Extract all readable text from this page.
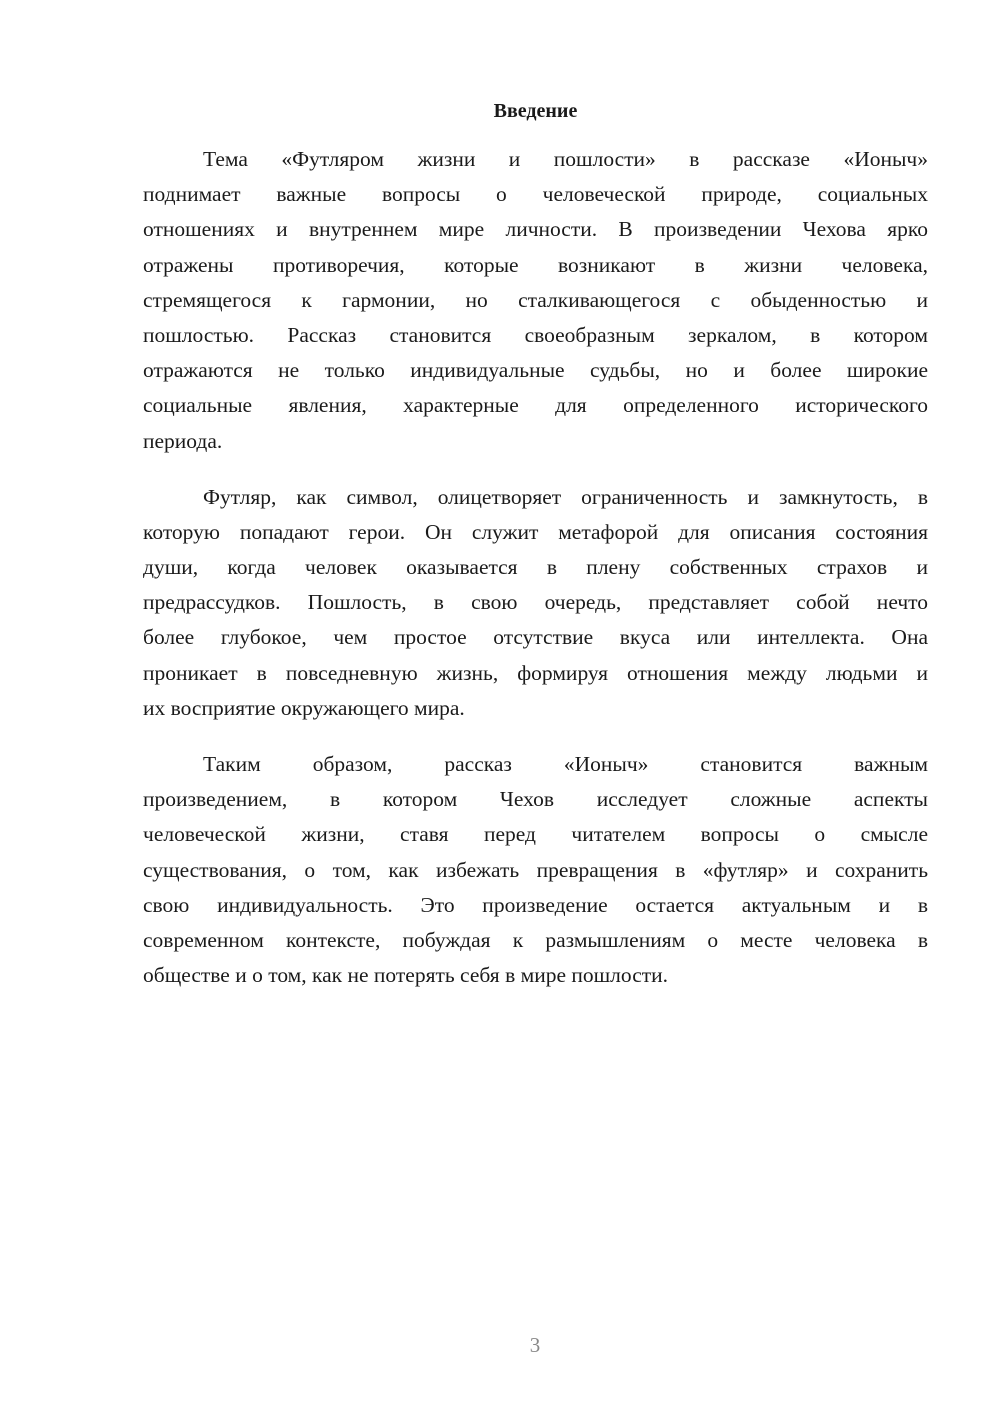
Введение
Тема «Футляром жизни и пошлости» в рассказе «Ионыч»
поднимает важные вопросы о человеческой природе, социальных
отношениях и внутреннем мире личности. В произведении Чехова ярко
отражены противоречия, которые возникают в жизни человека,
стремящегося к гармонии, но сталкивающегося с обыденностью и
пошлостью. Рассказ становится своеобразным зеркалом, в котором
отражаются не только индивидуальные судьбы, но и более широкие
социальные явления, характерные для определенного исторического
периода.
Футляр, как символ, олицетворяет ограниченность и замкнутость, в
которую попадают герои. Он служит метафорой для описания состояния
души, когда человек оказывается в плену собственных страхов и
предрассудков. Пошлость, в свою очередь, представляет собой нечто
более глубокое, чем простое отсутствие вкуса или интеллекта. Она
проникает в повседневную жизнь, формируя отношения между людьми и
их восприятие окружающего мира.
Таким образом, рассказ «Ионыч» становится важным
произведением, в котором Чехов исследует сложные аспекты
человеческой жизни, ставя перед читателем вопросы о смысле
существования, о том, как избежать превращения в «футляр» и сохранить
свою индивидуальность. Это произведение остается актуальным и в
современном контексте, побуждая к размышлениям о месте человека в
обществе и о том, как не потерять себя в мире пошлости.
3
